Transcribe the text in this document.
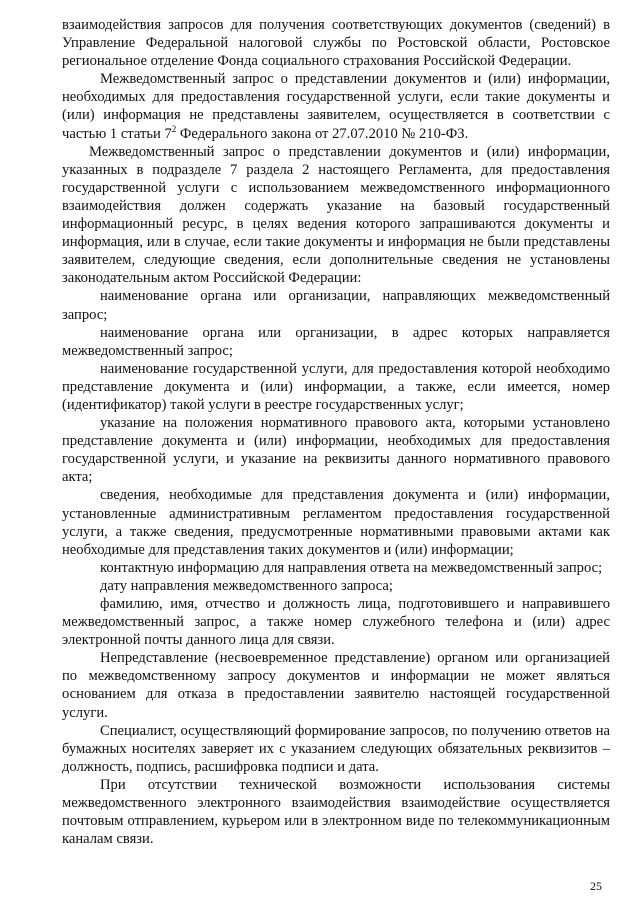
взаимодействия запросов для получения соответствующих документов (сведений) в Управление Федеральной налоговой службы по Ростовской области, Ростовское региональное отделение Фонда социального страхования Российской Федерации.

Межведомственный запрос о представлении документов и (или) информации, необходимых для предоставления государственной услуги, если такие документы и (или) информация не представлены заявителем, осуществляется в соответствии с частью 1 статьи $7^2$ Федерального закона от 27.07.2010 № 210-ФЗ.

Межведомственный запрос о представлении документов и (или) информации, указанных в подразделе 7 раздела 2 настоящего Регламента, для предоставления государственной услуги с использованием межведомственного информационного взаимодействия должен содержать указание на базовый государственный информационный ресурс, в целях ведения которого запрашиваются документы и информация, или в случае, если такие документы и информация не были представлены заявителем, следующие сведения, если дополнительные сведения не установлены законодательным актом Российской Федерации:

наименование органа или организации, направляющих межведомственный запрос;

наименование органа или организации, в адрес которых направляется межведомственный запрос;

наименование государственной услуги, для предоставления которой необходимо представление документа и (или) информации, а также, если имеется, номер (идентификатор) такой услуги в реестре государственных услуг;

указание на положения нормативного правового акта, которыми установлено представление документа и (или) информации, необходимых для предоставления государственной услуги, и указание на реквизиты данного нормативного правового акта;

сведения, необходимые для представления документа и (или) информации, установленные административным регламентом предоставления государственной услуги, а также сведения, предусмотренные нормативными правовыми актами как необходимые для представления таких документов и (или) информации;

контактную информацию для направления ответа на межведомственный запрос;

дату направления межведомственного запроса;

фамилию, имя, отчество и должность лица, подготовившего и направившего межведомственный запрос, а также номер служебного телефона и (или) адрес электронной почты данного лица для связи.

Непредставление (несвоевременное представление) органом или организацией по межведомственному запросу документов и информации не может являться основанием для отказа в предоставлении заявителю настоящей государственной услуги.

Специалист, осуществляющий формирование запросов, по получению ответов на бумажных носителях заверяет их с указанием следующих обязательных реквизитов – должность, подпись, расшифровка подписи и дата.

При отсутствии технической возможности использования системы межведомственного электронного взаимодействия взаимодействие осуществляется почтовым отправлением, курьером или в электронном виде по телекоммуникационным каналам связи.

25
